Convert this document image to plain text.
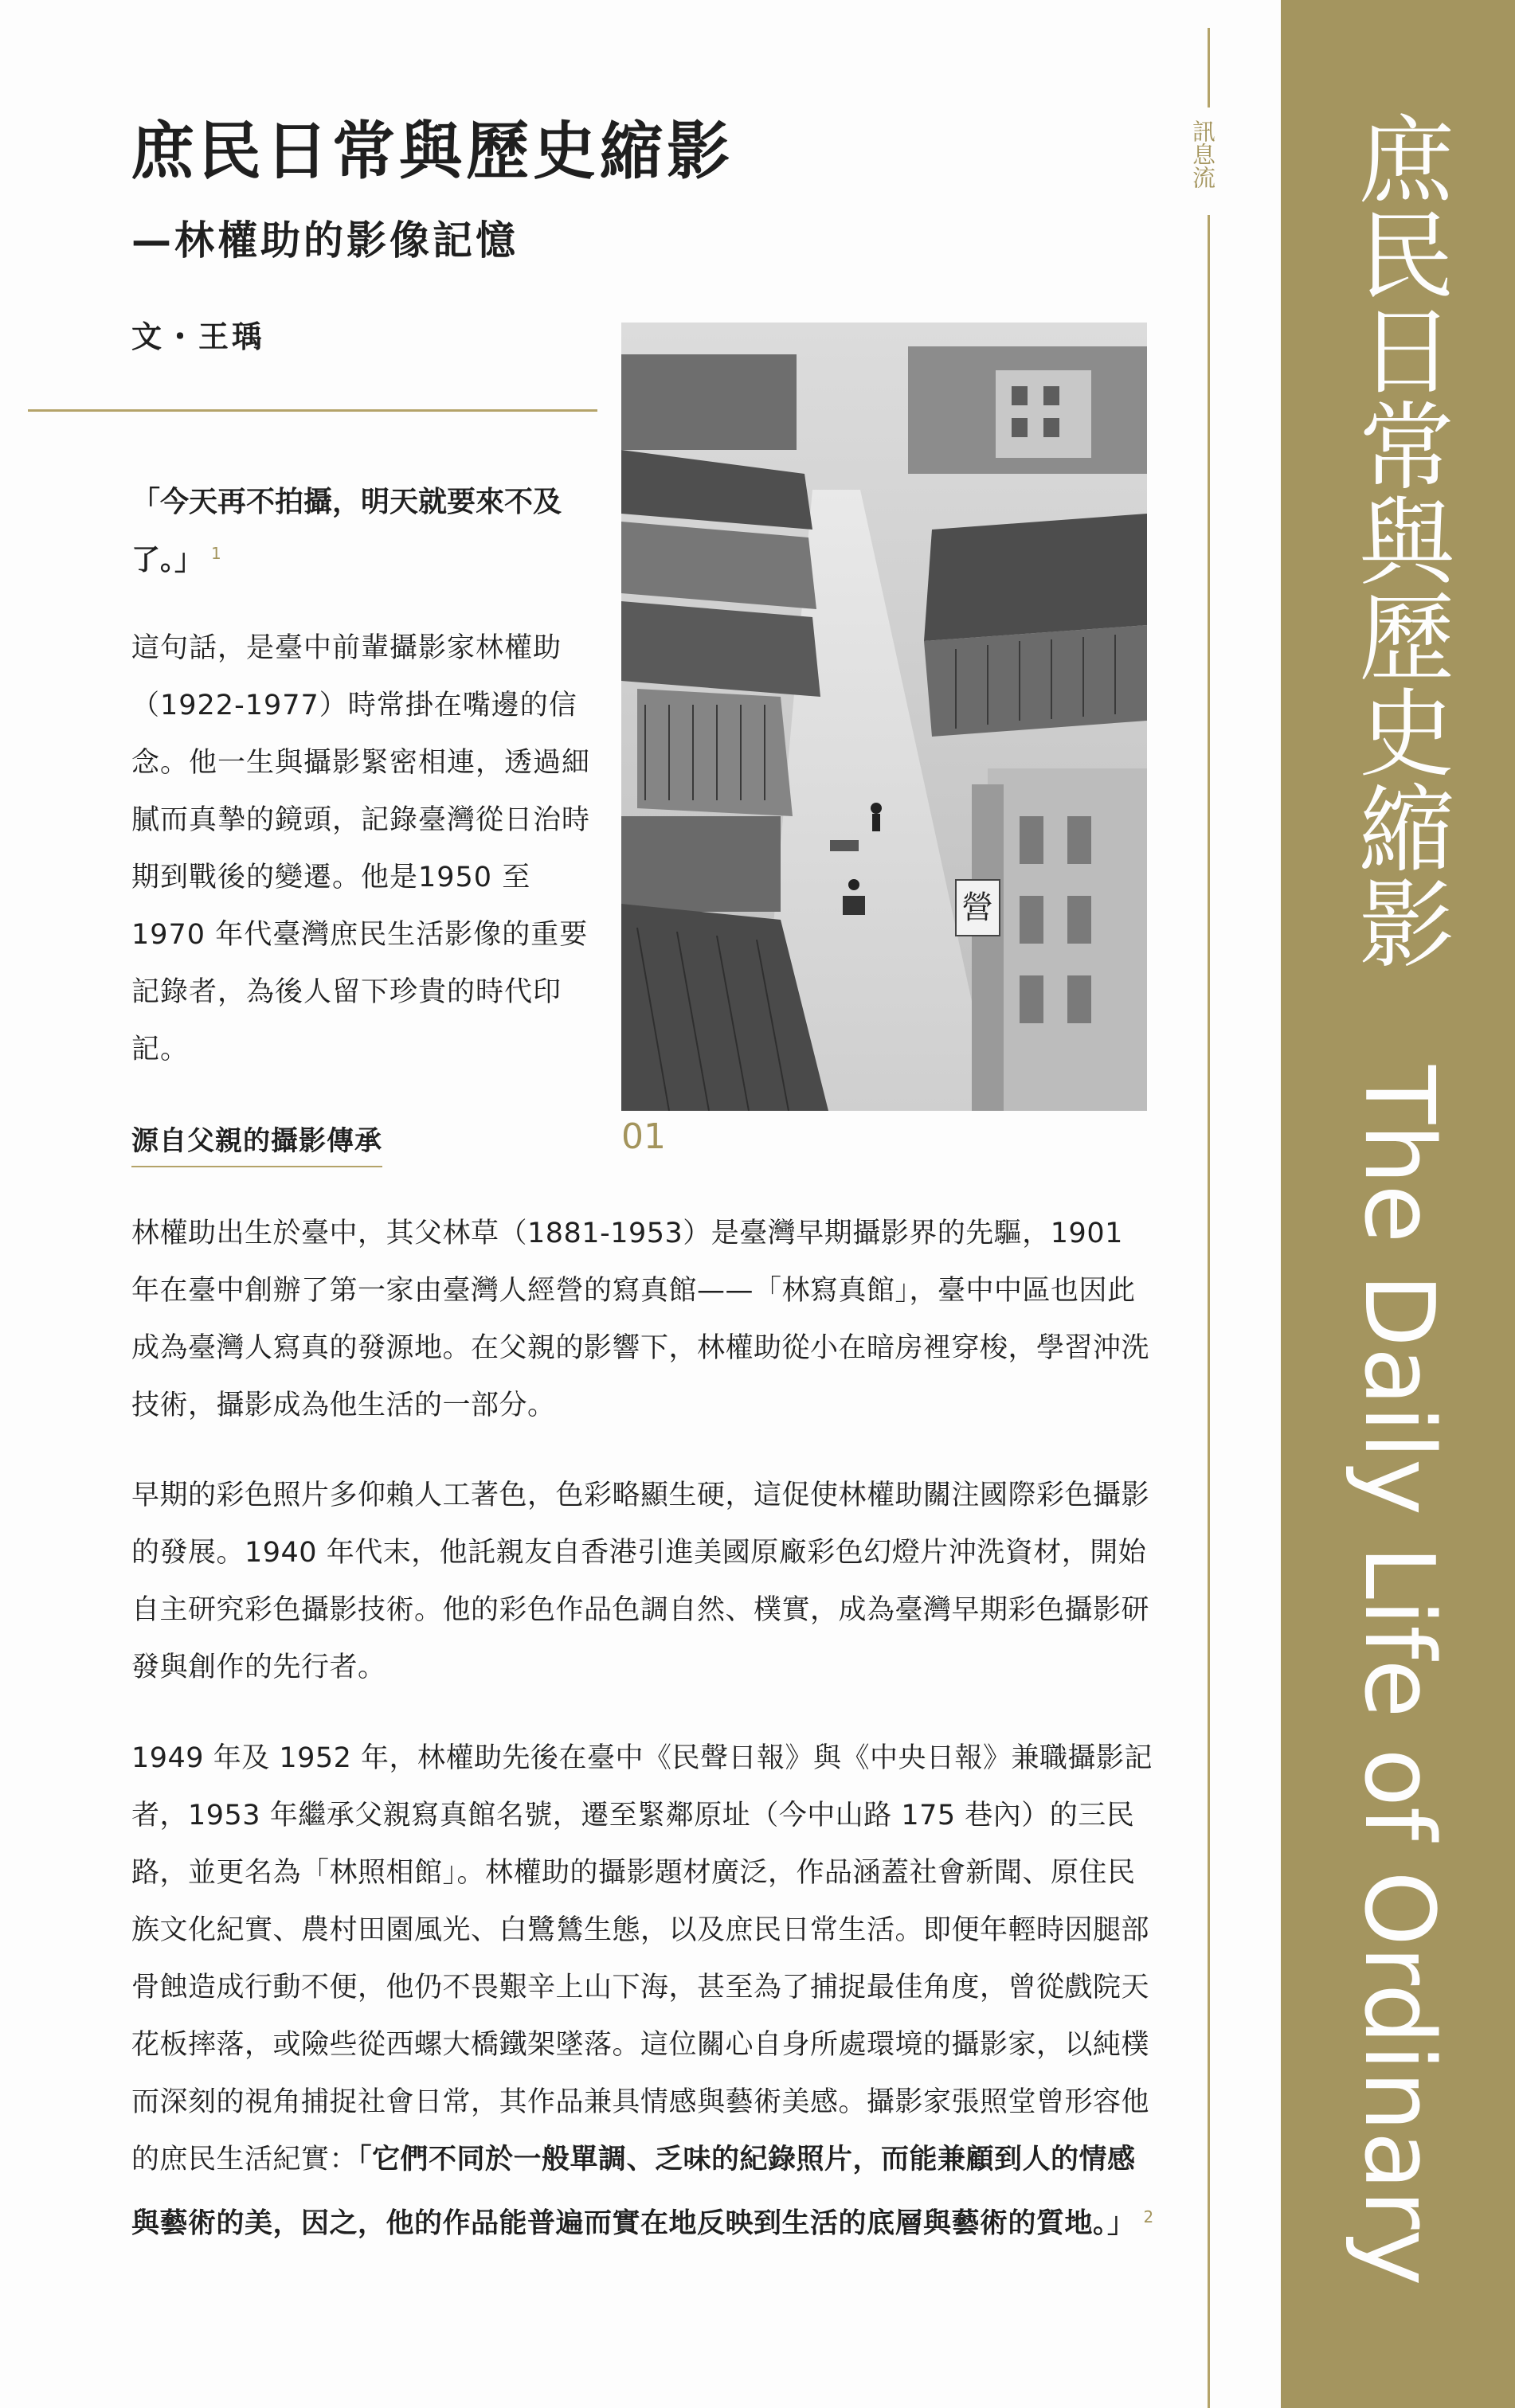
庶民日常與歷史縮影
—林權助的影像記憶
文・王瑀

「今天再不拍攝，明天就要來不及了。」 $^1$

這句話，是臺中前輩攝影家林權助（1922-1977）時常掛在嘴邊的信念。他一生與攝影緊密相連，透過細膩而真摯的鏡頭，記錄臺灣從日治時期到戰後的變遷。他是1950 至 1970 年代臺灣庶民生活影像的重要記錄者，為後人留下珍貴的時代印記。

源自父親的攝影傳承
營
01

林權助出生於臺中，其父林草（1881-1953）是臺灣早期攝影界的先驅，1901 年在臺中創辦了第一家由臺灣人經營的寫真館——「林寫真館」，臺中中區也因此成為臺灣人寫真的發源地。在父親的影響下，林權助從小在暗房裡穿梭，學習沖洗技術，攝影成為他生活的一部分。

早期的彩色照片多仰賴人工著色，色彩略顯生硬，這促使林權助關注國際彩色攝影的發展。1940 年代末，他託親友自香港引進美國原廠彩色幻燈片沖洗資材，開始自主研究彩色攝影技術。他的彩色作品色調自然、樸實，成為臺灣早期彩色攝影研發與創作的先行者。

1949 年及 1952 年，林權助先後在臺中《民聲日報》與《中央日報》兼職攝影記者，1953 年繼承父親寫真館名號，遷至緊鄰原址（今中山路 175 巷內）的三民路，並更名為「林照相館」。林權助的攝影題材廣泛，作品涵蓋社會新聞、原住民族文化紀實、農村田園風光、白鷺鷥生態，以及庶民日常生活。即便年輕時因腿部骨蝕造成行動不便，他仍不畏艱辛上山下海，甚至為了捕捉最佳角度，曾從戲院天花板摔落，或險些從西螺大橋鐵架墜落。這位關心自身所處環境的攝影家，以純樸而深刻的視角捕捉社會日常，其作品兼具情感與藝術美感。攝影家張照堂曾形容他的庶民生活紀實：「它們不同於一般單調、乏味的紀錄照片，而能兼顧到人的情感與藝術的美，因之，他的作品能普遍而實在地反映到生活的底層與藝術的質地。」 $^2$

訊息流	庶民日常與歷史縮影　The Daily Life of Ordinary
